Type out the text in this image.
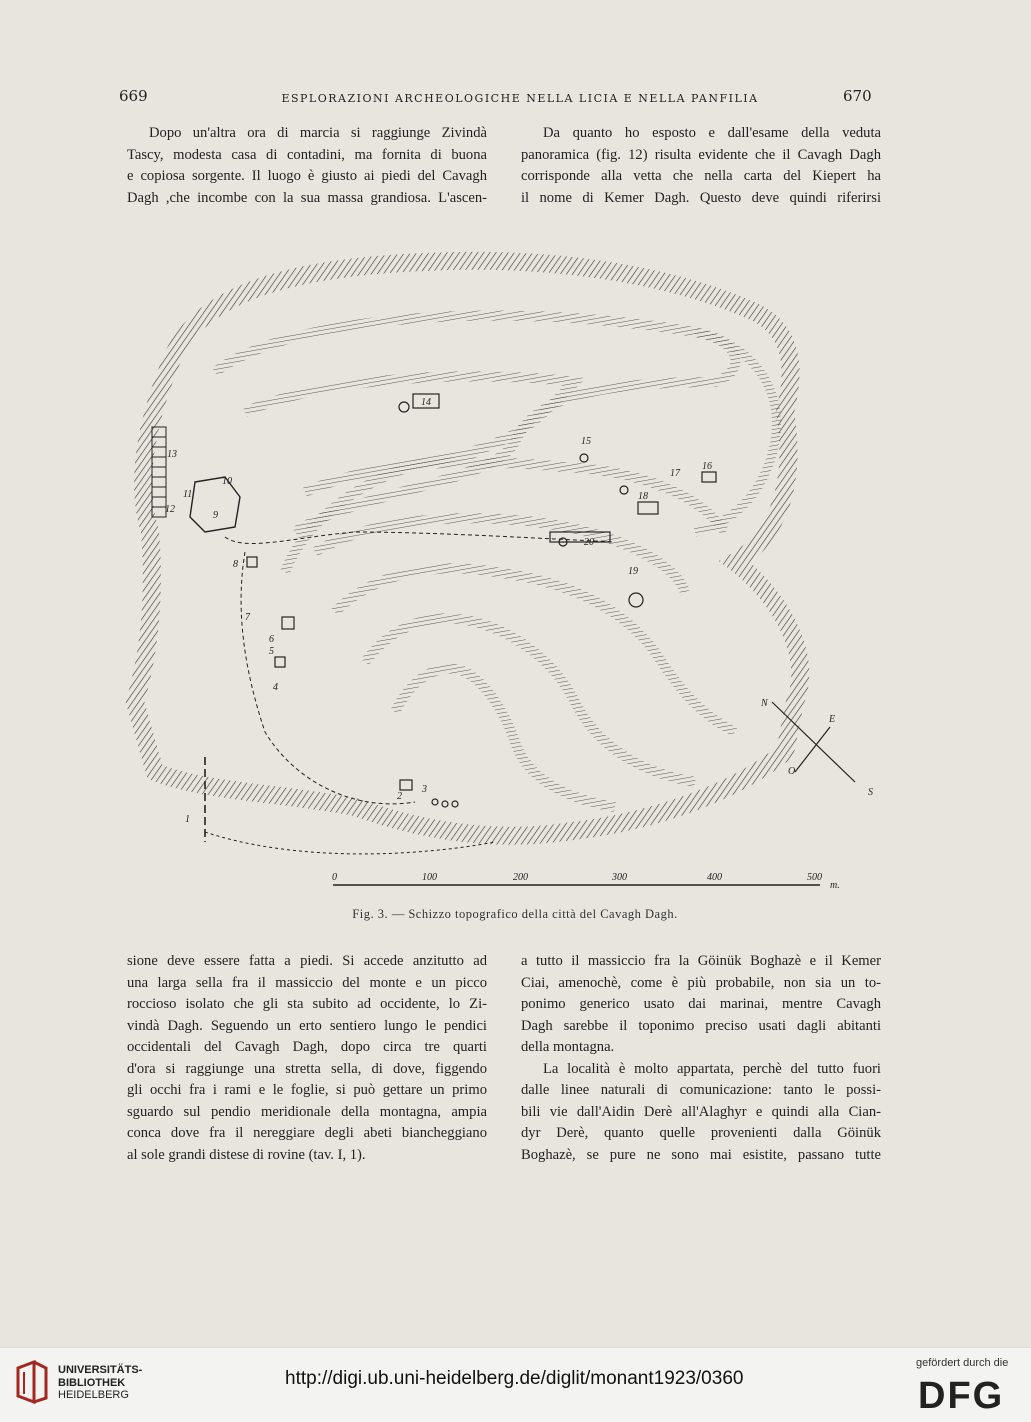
669	ESPLORAZIONI ARCHEOLOGICHE NELLA LICIA E NELLA PANFILIA	670
Dopo un'altra ora di marcia si raggiunge Zivindà
Tascy, modesta casa di contadini, ma fornita di buona
e copiosa sorgente. Il luogo è giusto ai piedi del Cavagh
Dagh ,che incombe con la sua massa grandiosa. L'ascen-
Da quanto ho esposto e dall'esame della veduta
panoramica (fig. 12) risulta evidente che il Cavagh Dagh
corrisponde alla vetta che nella carta del Kiepert ha
il nome di Kemer Dagh. Questo deve quindi riferirsi
1
2
3
4
5
6
7
8
9
10
11
12
13
14
15
16
17
18
19
20
N
E
O
S
0	100	200	300	400	500
m.
Fig. 3. — Schizzo topografico della città del Cavagh Dagh.
sione deve essere fatta a piedi. Si accede anzitutto ad
una larga sella fra il massiccio del monte e un picco
roccioso isolato che gli sta subito ad occidente, lo Zi-
vindà Dagh. Seguendo un erto sentiero lungo le pendici
occidentali del Cavagh Dagh, dopo circa tre quarti
d'ora si raggiunge una stretta sella, di dove, figgendo
gli occhi fra i rami e le foglie, si può gettare un primo
sguardo sul pendio meridionale della montagna, ampia
conca dove fra il nereggiare degli abeti biancheggiano
al sole grandi distese di rovine (tav. I, 1).
a tutto il massiccio fra la Göinük Boghazè e il Kemer
Ciai, amenochè, come è più probabile, non sia un to-
ponimo generico usato dai marinai, mentre Cavagh
Dagh sarebbe il toponimo preciso usati dagli abitanti
della montagna.
La località è molto appartata, perchè del tutto fuori
dalle linee naturali di comunicazione: tanto le possi-
bili vie dall'Aidin Derè all'Alaghyr e quindi alla Cian-
dyr Derè, quanto quelle provenienti dalla Göinük
Boghazè, se pure ne sono mai esistite, passano tutte
UNIVERSITÄTS-
BIBLIOTHEK
HEIDELBERG
http://digi.ub.uni-heidelberg.de/diglit/monant1923/0360
gefördert durch die
DFG
